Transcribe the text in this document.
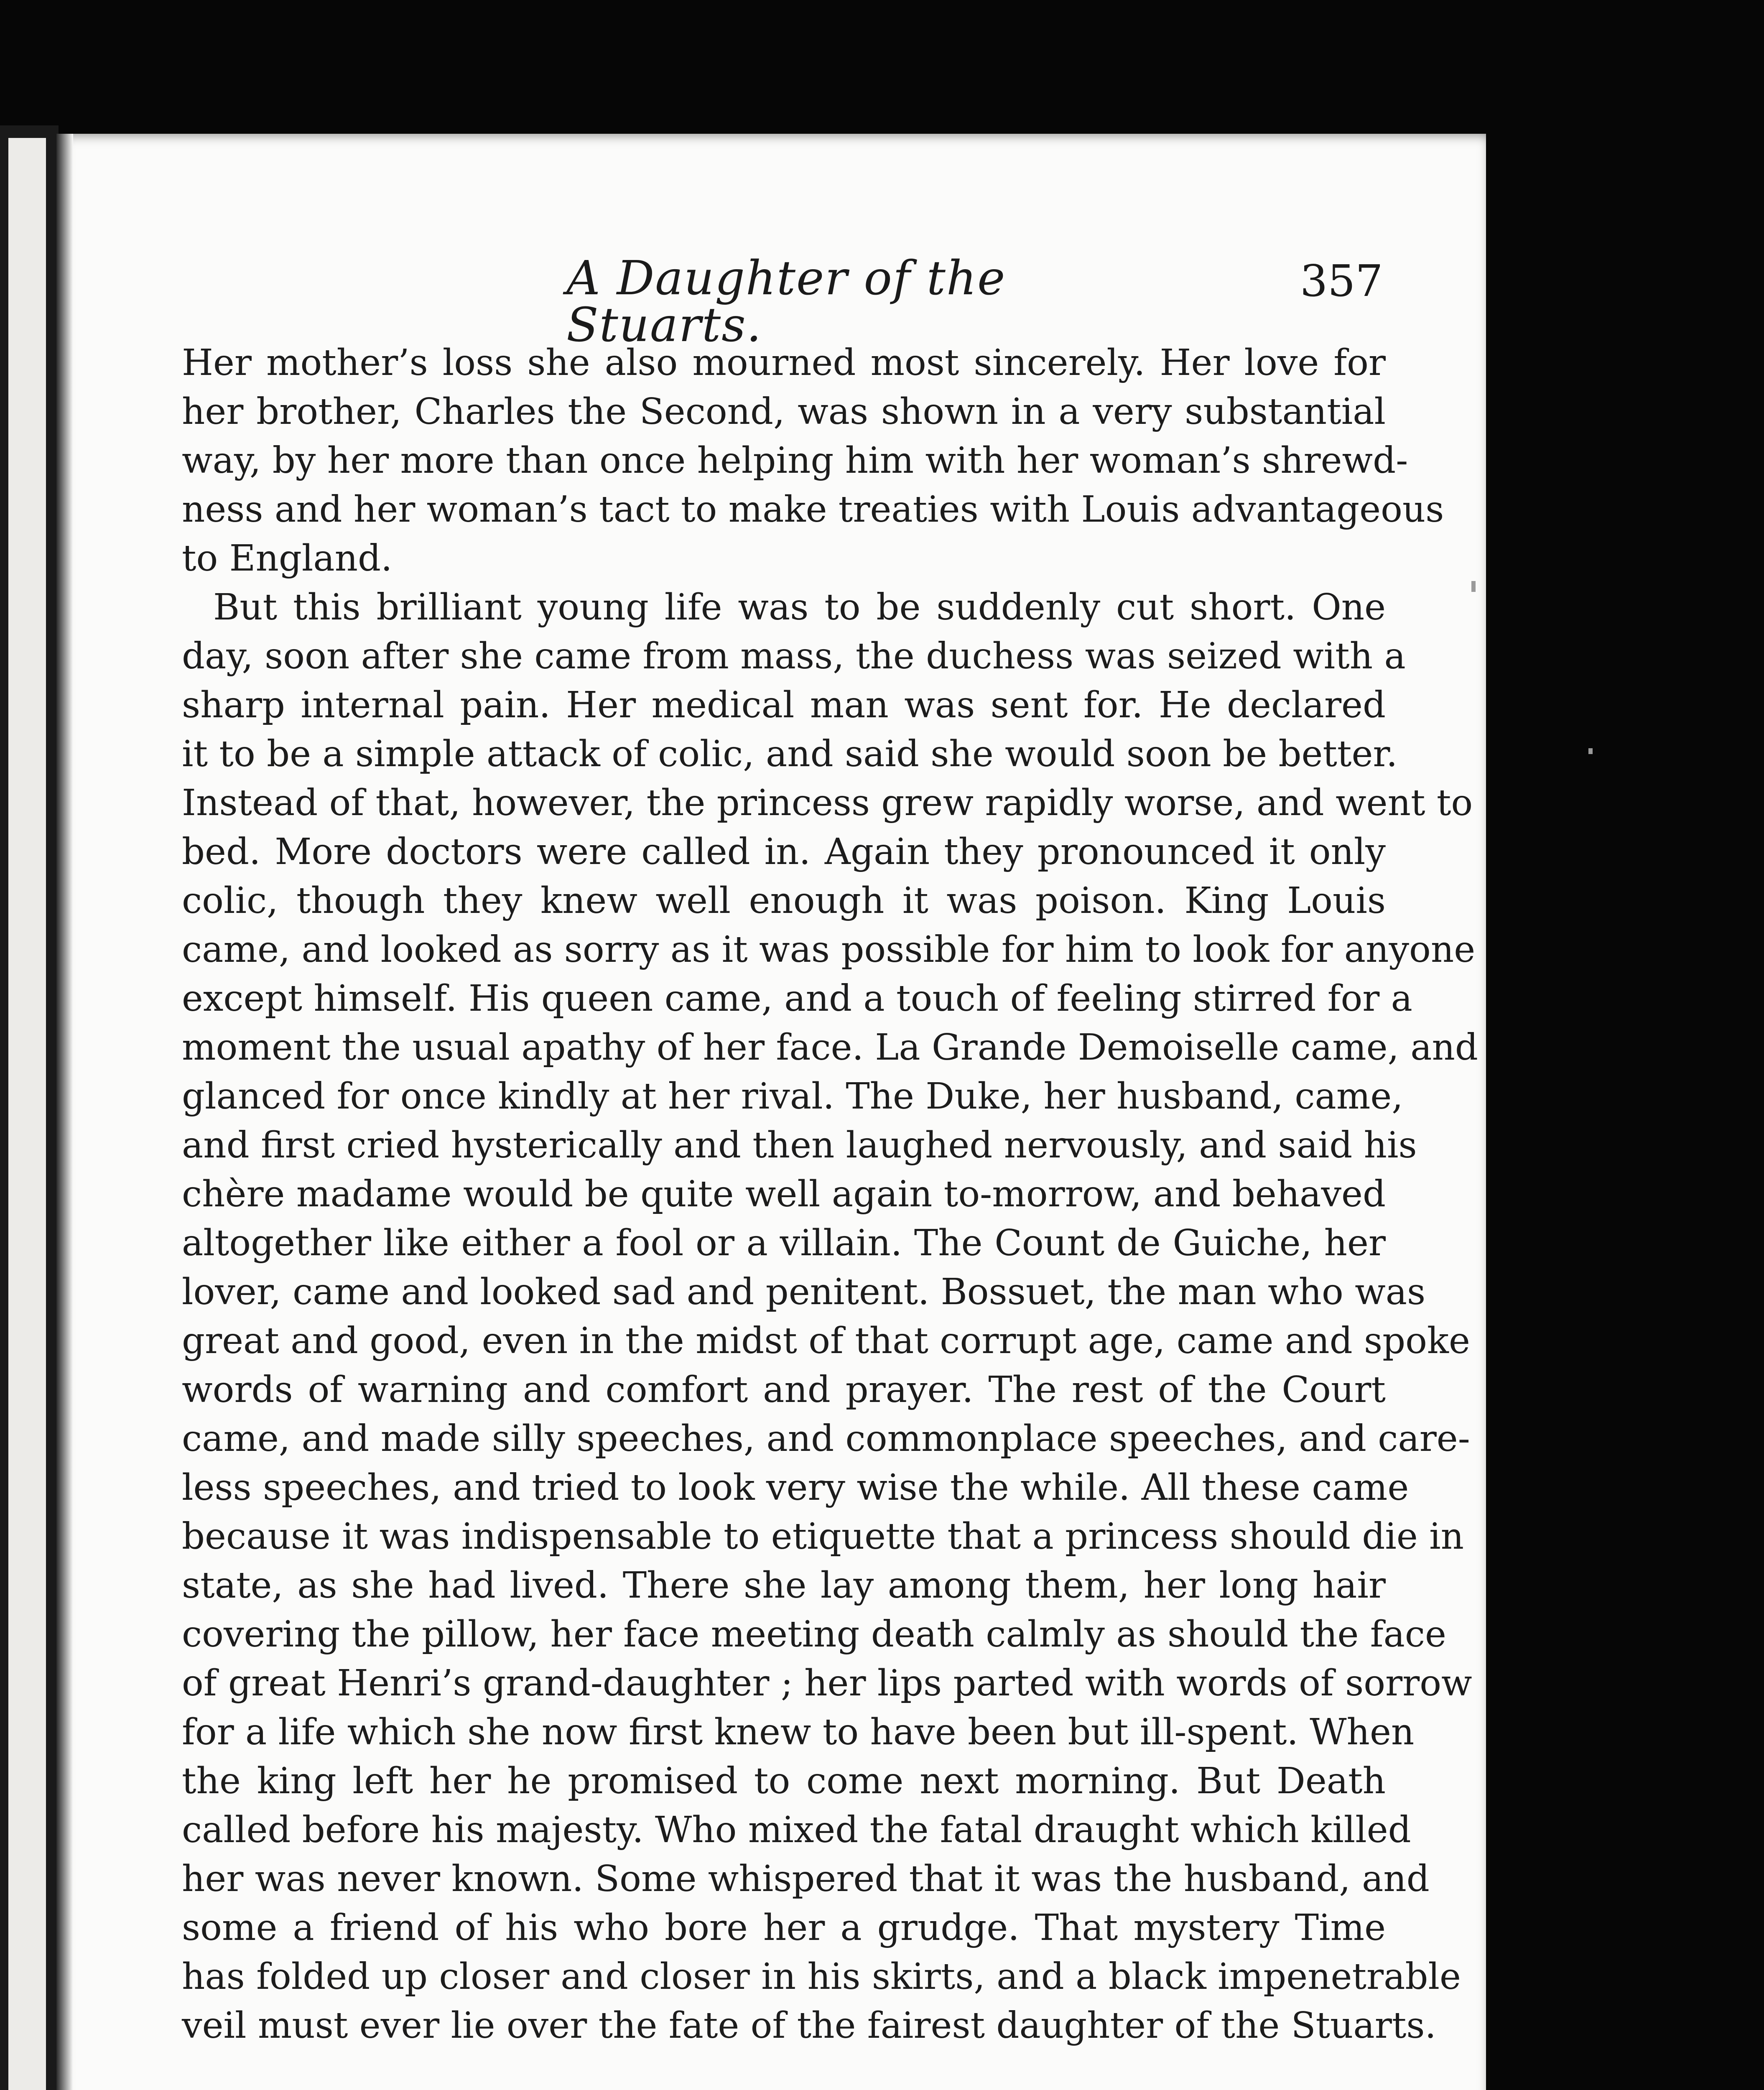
A Daughter of the Stuarts.
357
Her mother’s loss she also mourned most sincerely. Her love for
her brother, Charles the Second, was shown in a very substantial
way, by her more than once helping him with her woman’s shrewd-
ness and her woman’s tact to make treaties with Louis advantageous
to England.
But this brilliant young life was to be suddenly cut short. One
day, soon after she came from mass, the duchess was seized with a
sharp internal pain. Her medical man was sent for. He declared
it to be a simple attack of colic, and said she would soon be better.
Instead of that, however, the princess grew rapidly worse, and went to
bed. More doctors were called in. Again they pronounced it only
colic, though they knew well enough it was poison. King Louis
came, and looked as sorry as it was possible for him to look for anyone
except himself. His queen came, and a touch of feeling stirred for a
moment the usual apathy of her face. La Grande Demoiselle came, and
glanced for once kindly at her rival. The Duke, her husband, came,
and first cried hysterically and then laughed nervously, and said his
chère madame would be quite well again to-morrow, and behaved
altogether like either a fool or a villain. The Count de Guiche, her
lover, came and looked sad and penitent. Bossuet, the man who was
great and good, even in the midst of that corrupt age, came and spoke
words of warning and comfort and prayer. The rest of the Court
came, and made silly speeches, and commonplace speeches, and care-
less speeches, and tried to look very wise the while. All these came
because it was indispensable to etiquette that a princess should die in
state, as she had lived. There she lay among them, her long hair
covering the pillow, her face meeting death calmly as should the face
of great Henri’s grand-daughter ; her lips parted with words of sorrow
for a life which she now first knew to have been but ill-spent. When
the king left her he promised to come next morning. But Death
called before his majesty. Who mixed the fatal draught which killed
her was never known. Some whispered that it was the husband, and
some a friend of his who bore her a grudge. That mystery Time
has folded up closer and closer in his skirts, and a black impenetrable
veil must ever lie over the fate of the fairest daughter of the Stuarts.
